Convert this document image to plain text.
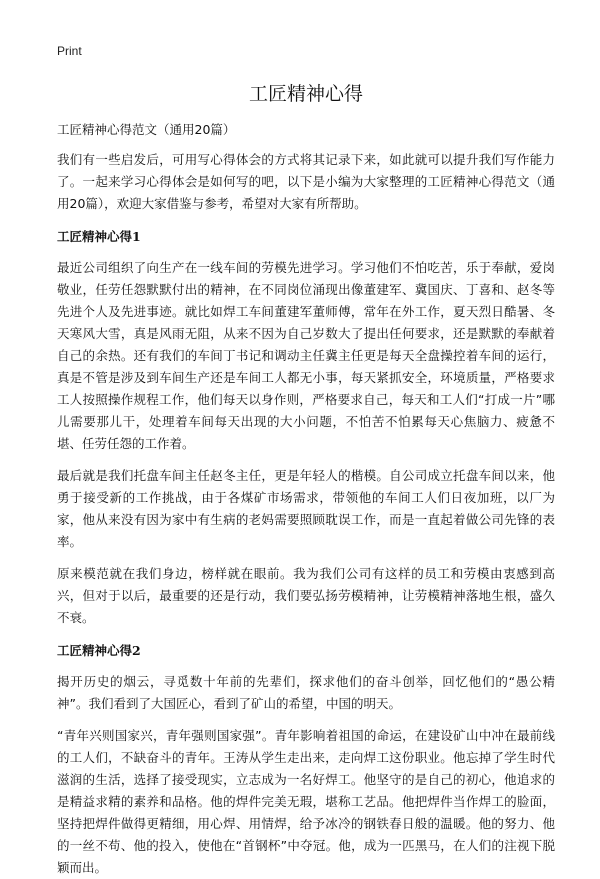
Print
工匠精神心得

工匠精神心得范文（通用20篇）

我们有一些启发后，可用写心得体会的方式将其记录下来，如此就可以提升我们写作能力了。一起来学习心得体会是如何写的吧，以下是小编为大家整理的工匠精神心得范文（通用20篇），欢迎大家借鉴与参考，希望对大家有所帮助。

工匠精神心得1

最近公司组织了向生产在一线车间的劳模先进学习。学习他们不怕吃苦，乐于奉献，爱岗敬业，任劳任怨默默付出的精神，在不同岗位涌现出像董建军、冀国庆、丁喜和、赵冬等先进个人及先进事迹。就比如焊工车间董建军董师傅，常年在外工作，夏天烈日酷暑、冬天寒风大雪，真是风雨无阻，从来不因为自己岁数大了提出任何要求，还是默默的奉献着自己的余热。还有我们的车间丁书记和调动主任冀主任更是每天全盘操控着车间的运行，真是不管是涉及到车间生产还是车间工人都无小事，每天紧抓安全，环境质量，严格要求工人按照操作规程工作，他们每天以身作则，严格要求自己，每天和工人们“打成一片”哪儿需要那儿干，处理着车间每天出现的大小问题，不怕苦不怕累每天心焦脑力、疲惫不堪、任劳任怨的工作着。

最后就是我们托盘车间主任赵冬主任，更是年轻人的楷模。自公司成立托盘车间以来，他勇于接受新的工作挑战，由于各煤矿市场需求，带领他的车间工人们日夜加班，以厂为家，他从来没有因为家中有生病的老妈需要照顾耽误工作，而是一直起着做公司先锋的表率。

原来模范就在我们身边，榜样就在眼前。我为我们公司有这样的员工和劳模由衷感到高兴，但对于以后，最重要的还是行动，我们要弘扬劳模精神，让劳模精神落地生根，盛久不衰。

工匠精神心得2

揭开历史的烟云，寻觅数十年前的先辈们，探求他们的奋斗创举，回忆他们的“愚公精神”。我们看到了大国匠心，看到了矿山的希望，中国的明天。

“青年兴则国家兴，青年强则国家强”。青年影响着祖国的命运，在建设矿山中冲在最前线的工人们，不缺奋斗的青年。王涛从学生走出来，走向焊工这份职业。他忘掉了学生时代滋润的生活，选择了接受现实，立志成为一名好焊工。他坚守的是自己的初心，他追求的是精益求精的素养和品格。他的焊件完美无瑕，堪称工艺品。他把焊件当作焊工的脸面，坚持把焊件做得更精细，用心焊、用情焊，给予冰冷的钢铁春日般的温暖。他的努力、他的一丝不苟、他的投入，使他在“首钢杯”中夺冠。他，成为一匹黑马，在人们的注视下脱颖而出。
